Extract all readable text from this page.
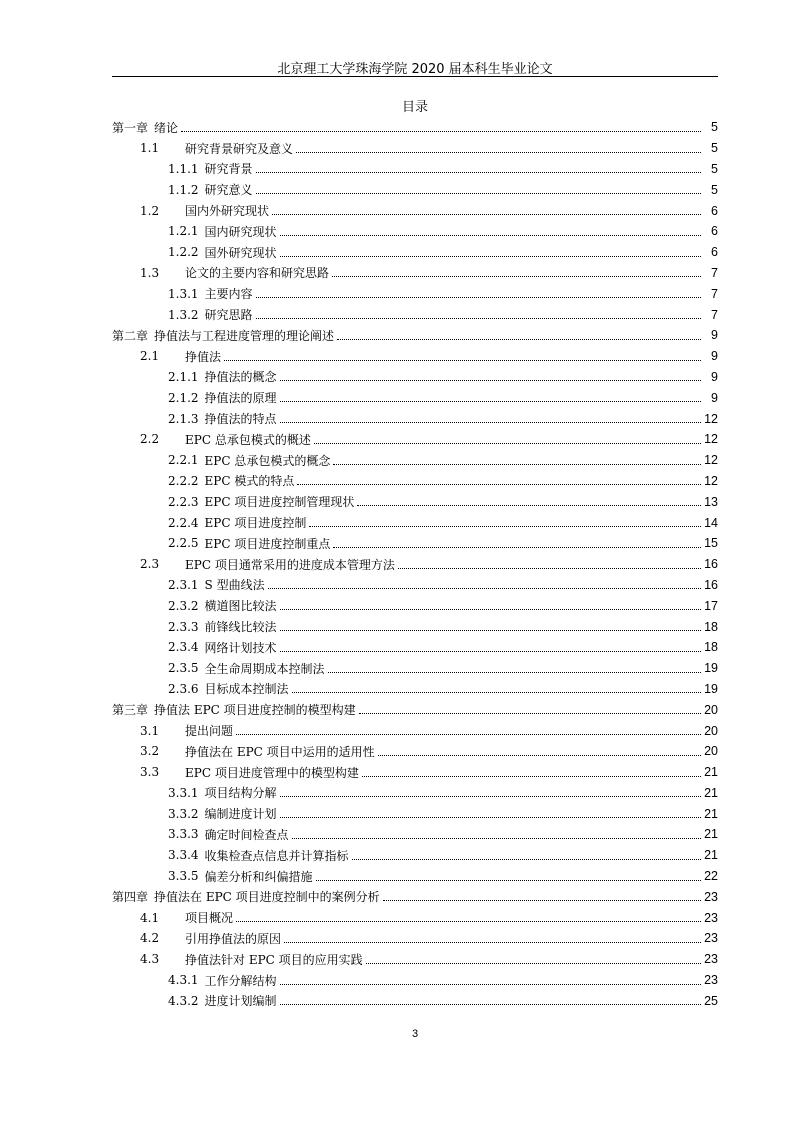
北京理工大学珠海学院 2020 届本科生毕业论文
目录
第一章 绪论	5
1.1	研究背景研究及意义	5
1.1.1 研究背景	5
1.1.2 研究意义	5
1.2	国内外研究现状	6
1.2.1 国内研究现状	6
1.2.2 国外研究现状	6
1.3	论文的主要内容和研究思路	7
1.3.1 主要内容	7
1.3.2 研究思路	7
第二章 挣值法与工程进度管理的理论阐述	9
2.1	挣值法	9
2.1.1 挣值法的概念	9
2.1.2 挣值法的原理	9
2.1.3 挣值法的特点	12
2.2	EPC 总承包模式的概述	12
2.2.1 EPC 总承包模式的概念	12
2.2.2 EPC 模式的特点	12
2.2.3 EPC 项目进度控制管理现状	13
2.2.4 EPC 项目进度控制	14
2.2.5 EPC 项目进度控制重点	15
2.3	EPC 项目通常采用的进度成本管理方法	16
2.3.1 S 型曲线法	16
2.3.2 横道图比较法	17
2.3.3 前锋线比较法	18
2.3.4 网络计划技术	18
2.3.5 全生命周期成本控制法	19
2.3.6 目标成本控制法	19
第三章 挣值法 EPC 项目进度控制的模型构建	20
3.1	提出问题	20
3.2	挣值法在 EPC 项目中运用的适用性	20
3.3	EPC 项目进度管理中的模型构建	21
3.3.1 项目结构分解	21
3.3.2 编制进度计划	21
3.3.3 确定时间检查点	21
3.3.4 收集检查点信息并计算指标	21
3.3.5 偏差分析和纠偏措施	22
第四章 挣值法在 EPC 项目进度控制中的案例分析	23
4.1	项目概况	23
4.2	引用挣值法的原因	23
4.3	挣值法针对 EPC 项目的应用实践	23
4.3.1 工作分解结构	23
4.3.2 进度计划编制	25
3
